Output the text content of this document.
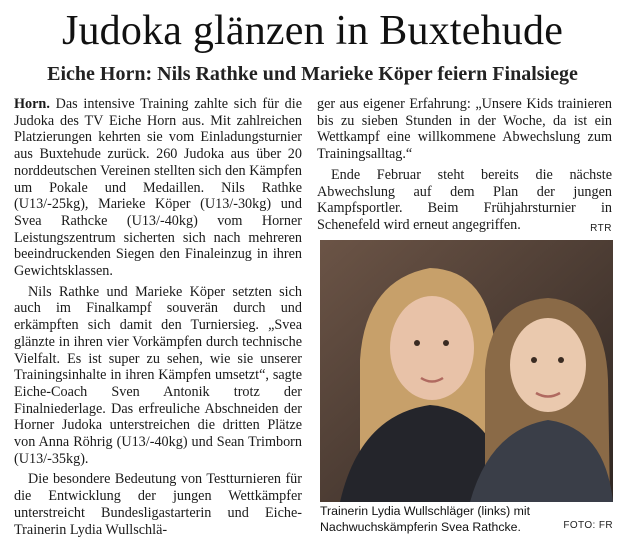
Judoka glänzen in Buxtehude
Eiche Horn: Nils Rathke und Marieke Köper feiern Finalsiege

Horn. Das intensive Training zahlte sich für die Judoka des TV Eiche Horn aus. Mit zahlreichen Platzierungen kehrten sie vom Einladungsturnier aus Buxtehude zurück. 260 Judoka aus über 20 norddeutschen Vereinen stellten sich den Kämpfen um Pokale und Medaillen. Nils Rathke (U13/-25kg), Marieke Köper (U13/-30kg) und Svea Rathcke (U13/-40kg) vom Horner Leistungszentrum sicherten sich nach mehreren beeindruckenden Siegen den Finaleinzug in ihren Gewichtsklassen.

Nils Rathke und Marieke Köper setzten sich auch im Finalkampf souverän durch und erkämpften sich damit den Turniersieg. „Svea glänzte in ihren vier Vorkämpfen durch technische Vielfalt. Es ist super zu sehen, wie sie unserer Trainingsinhalte in ihren Kämpfen umsetzt“, sagte Eiche-Coach Sven Antonik trotz der Finalniederlage. Das erfreuliche Abschneiden der Horner Judoka unterstreichen die dritten Plätze von Anna Röhrig (U13/-40kg) und Sean Trimborn (U13/-35kg).

Die besondere Bedeutung von Testturnieren für die Entwicklung der jungen Wettkämpfer unterstreicht Bundesligastarterin und Eiche-Trainerin Lydia Wullschlä-

ger aus eigener Erfahrung: „Unsere Kids trainieren bis zu sieben Stunden in der Woche, da ist ein Wettkampf eine willkommene Abwechslung zum Trainingsalltag.“

Ende Februar steht bereits die nächste Abwechslung auf dem Plan der jungen Kampfsportler. Beim Frühjahrsturnier in Schenefeld wird erneut angegriffen.	RTR

Trainerin Lydia Wullschläger (links) mit Nachwuchskämpferin Svea Rathcke.	FOTO: FR
